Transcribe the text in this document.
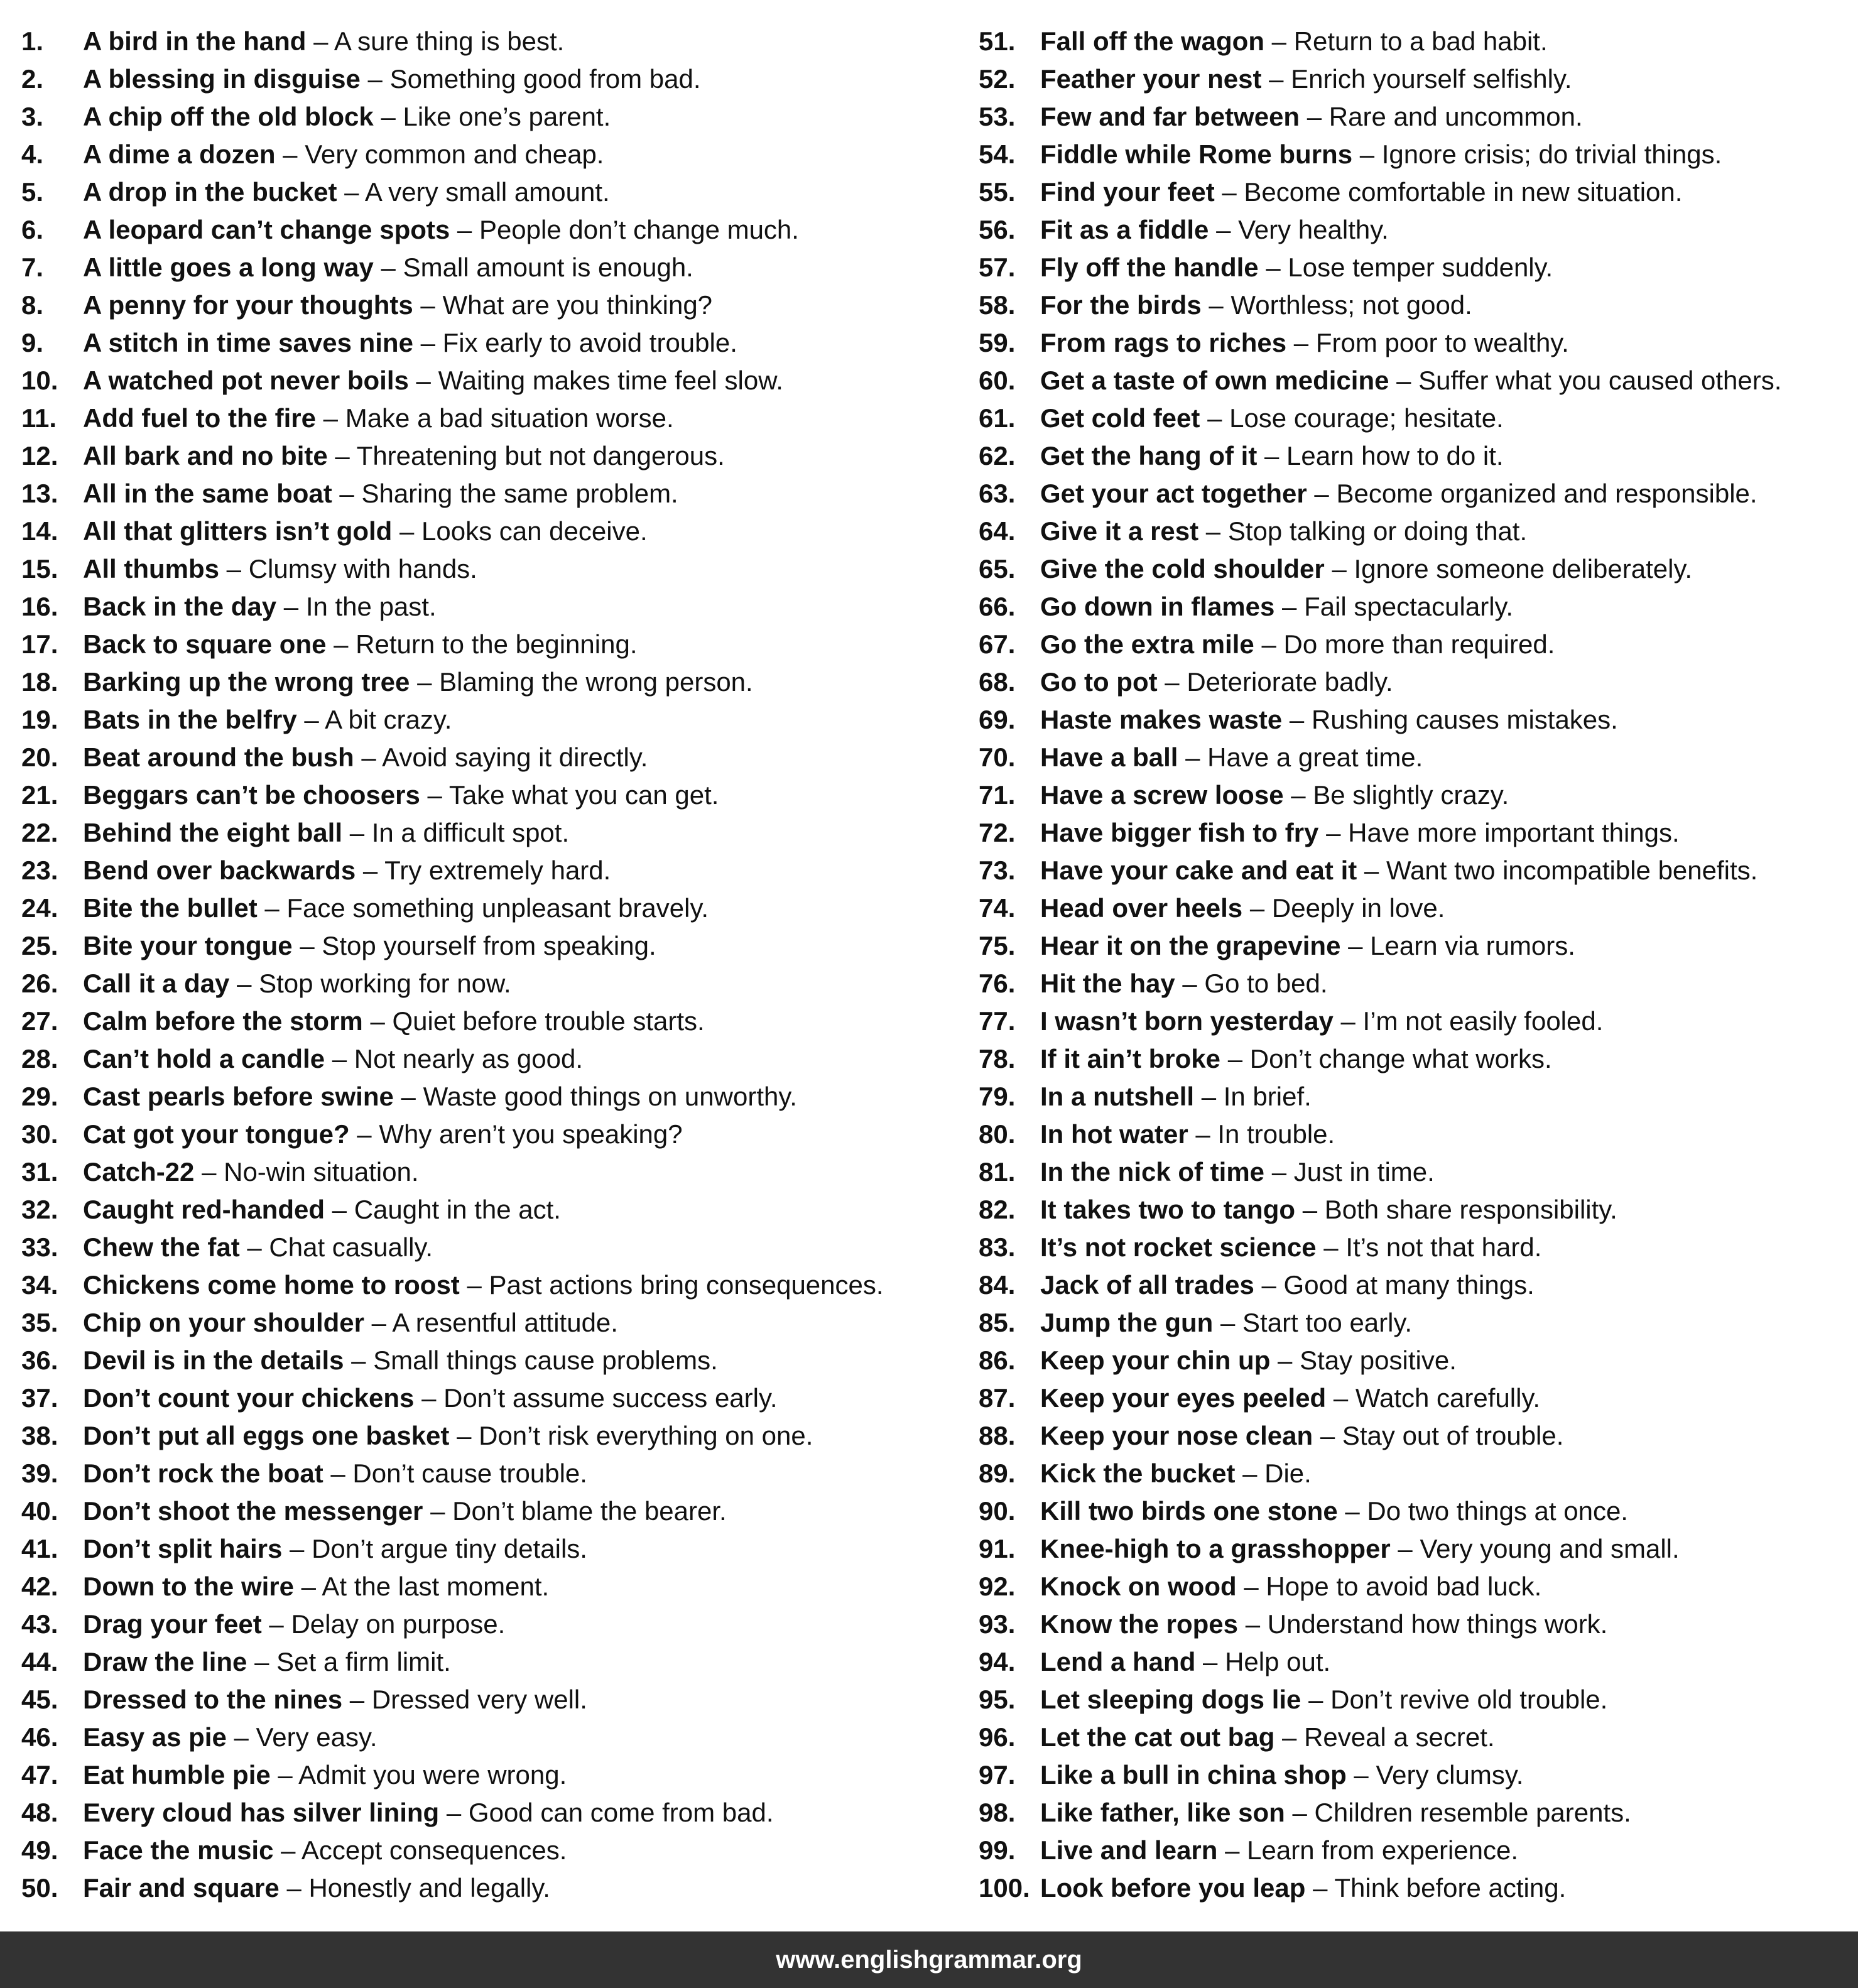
1. A bird in the hand – A sure thing is best.
2. A blessing in disguise – Something good from bad.
3. A chip off the old block – Like one’s parent.
4. A dime a dozen – Very common and cheap.
5. A drop in the bucket – A very small amount.
6. A leopard can’t change spots – People don’t change much.
7. A little goes a long way – Small amount is enough.
8. A penny for your thoughts – What are you thinking?
9. A stitch in time saves nine – Fix early to avoid trouble.
10. A watched pot never boils – Waiting makes time feel slow.
11. Add fuel to the fire – Make a bad situation worse.
12. All bark and no bite – Threatening but not dangerous.
13. All in the same boat – Sharing the same problem.
14. All that glitters isn’t gold – Looks can deceive.
15. All thumbs – Clumsy with hands.
16. Back in the day – In the past.
17. Back to square one – Return to the beginning.
18. Barking up the wrong tree – Blaming the wrong person.
19. Bats in the belfry – A bit crazy.
20. Beat around the bush – Avoid saying it directly.
21. Beggars can’t be choosers – Take what you can get.
22. Behind the eight ball – In a difficult spot.
23. Bend over backwards – Try extremely hard.
24. Bite the bullet – Face something unpleasant bravely.
25. Bite your tongue – Stop yourself from speaking.
26. Call it a day – Stop working for now.
27. Calm before the storm – Quiet before trouble starts.
28. Can’t hold a candle – Not nearly as good.
29. Cast pearls before swine – Waste good things on unworthy.
30. Cat got your tongue? – Why aren’t you speaking?
31. Catch-22 – No-win situation.
32. Caught red-handed – Caught in the act.
33. Chew the fat – Chat casually.
34. Chickens come home to roost – Past actions bring consequences.
35. Chip on your shoulder – A resentful attitude.
36. Devil is in the details – Small things cause problems.
37. Don’t count your chickens – Don’t assume success early.
38. Don’t put all eggs one basket – Don’t risk everything on one.
39. Don’t rock the boat – Don’t cause trouble.
40. Don’t shoot the messenger – Don’t blame the bearer.
41. Don’t split hairs – Don’t argue tiny details.
42. Down to the wire – At the last moment.
43. Drag your feet – Delay on purpose.
44. Draw the line – Set a firm limit.
45. Dressed to the nines – Dressed very well.
46. Easy as pie – Very easy.
47. Eat humble pie – Admit you were wrong.
48. Every cloud has silver lining – Good can come from bad.
49. Face the music – Accept consequences.
50. Fair and square – Honestly and legally.
51. Fall off the wagon – Return to a bad habit.
52. Feather your nest – Enrich yourself selfishly.
53. Few and far between – Rare and uncommon.
54. Fiddle while Rome burns – Ignore crisis; do trivial things.
55. Find your feet – Become comfortable in new situation.
56. Fit as a fiddle – Very healthy.
57. Fly off the handle – Lose temper suddenly.
58. For the birds – Worthless; not good.
59. From rags to riches – From poor to wealthy.
60. Get a taste of own medicine – Suffer what you caused others.
61. Get cold feet – Lose courage; hesitate.
62. Get the hang of it – Learn how to do it.
63. Get your act together – Become organized and responsible.
64. Give it a rest – Stop talking or doing that.
65. Give the cold shoulder – Ignore someone deliberately.
66. Go down in flames – Fail spectacularly.
67. Go the extra mile – Do more than required.
68. Go to pot – Deteriorate badly.
69. Haste makes waste – Rushing causes mistakes.
70. Have a ball – Have a great time.
71. Have a screw loose – Be slightly crazy.
72. Have bigger fish to fry – Have more important things.
73. Have your cake and eat it – Want two incompatible benefits.
74. Head over heels – Deeply in love.
75. Hear it on the grapevine – Learn via rumors.
76. Hit the hay – Go to bed.
77. I wasn’t born yesterday – I’m not easily fooled.
78. If it ain’t broke – Don’t change what works.
79. In a nutshell – In brief.
80. In hot water – In trouble.
81. In the nick of time – Just in time.
82. It takes two to tango – Both share responsibility.
83. It’s not rocket science – It’s not that hard.
84. Jack of all trades – Good at many things.
85. Jump the gun – Start too early.
86. Keep your chin up – Stay positive.
87. Keep your eyes peeled – Watch carefully.
88. Keep your nose clean – Stay out of trouble.
89. Kick the bucket – Die.
90. Kill two birds one stone – Do two things at once.
91. Knee-high to a grasshopper – Very young and small.
92. Knock on wood – Hope to avoid bad luck.
93. Know the ropes – Understand how things work.
94. Lend a hand – Help out.
95. Let sleeping dogs lie – Don’t revive old trouble.
96. Let the cat out bag – Reveal a secret.
97. Like a bull in china shop – Very clumsy.
98. Like father, like son – Children resemble parents.
99. Live and learn – Learn from experience.
100. Look before you leap – Think before acting.
www.englishgrammar.org
